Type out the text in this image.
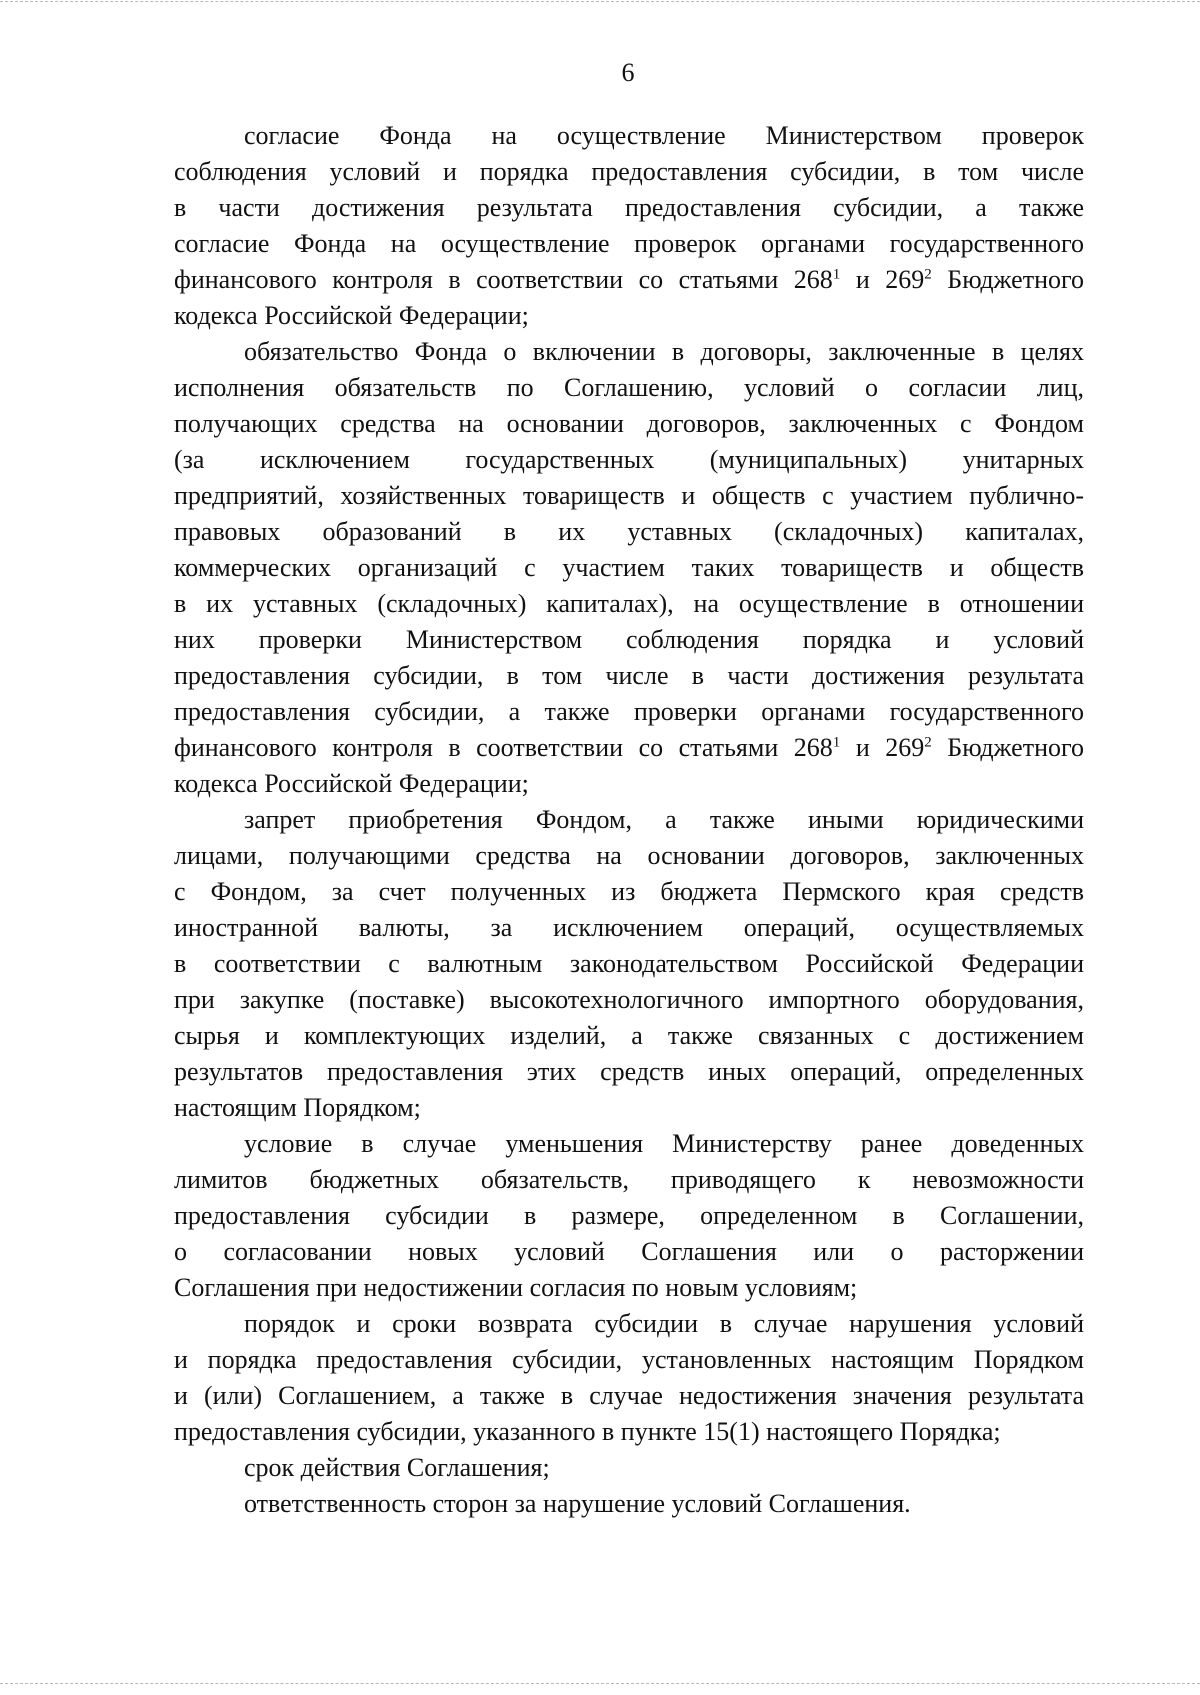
6
согласие Фонда на осуществление Министерством проверок
соблюдения условий и порядка предоставления субсидии, в том числе
в части достижения результата предоставления субсидии, а также
согласие Фонда на осуществление проверок органами государственного
финансового контроля в соответствии со статьями $268^1$ и $269^2$ Бюджетного
кодекса Российской Федерации;
обязательство Фонда о включении в договоры, заключенные в целях
исполнения обязательств по Соглашению, условий о согласии лиц,
получающих средства на основании договоров, заключенных с Фондом
(за исключением государственных (муниципальных) унитарных
предприятий, хозяйственных товариществ и обществ с участием публично-
правовых образований в их уставных (складочных) капиталах,
коммерческих организаций с участием таких товариществ и обществ
в их уставных (складочных) капиталах), на осуществление в отношении
них проверки Министерством соблюдения порядка и условий
предоставления субсидии, в том числе в части достижения результата
предоставления субсидии, а также проверки органами государственного
финансового контроля в соответствии со статьями $268^1$ и $269^2$ Бюджетного
кодекса Российской Федерации;
запрет приобретения Фондом, а также иными юридическими
лицами, получающими средства на основании договоров, заключенных
с Фондом, за счет полученных из бюджета Пермского края средств
иностранной валюты, за исключением операций, осуществляемых
в соответствии с валютным законодательством Российской Федерации
при закупке (поставке) высокотехнологичного импортного оборудования,
сырья и комплектующих изделий, а также связанных с достижением
результатов предоставления этих средств иных операций, определенных
настоящим Порядком;
условие в случае уменьшения Министерству ранее доведенных
лимитов бюджетных обязательств, приводящего к невозможности
предоставления субсидии в размере, определенном в Соглашении,
о согласовании новых условий Соглашения или о расторжении
Соглашения при недостижении согласия по новым условиям;
порядок и сроки возврата субсидии в случае нарушения условий
и порядка предоставления субсидии, установленных настоящим Порядком
и (или) Соглашением, а также в случае недостижения значения результата
предоставления субсидии, указанного в пункте 15(1) настоящего Порядка;
срок действия Соглашения;
ответственность сторон за нарушение условий Соглашения.
